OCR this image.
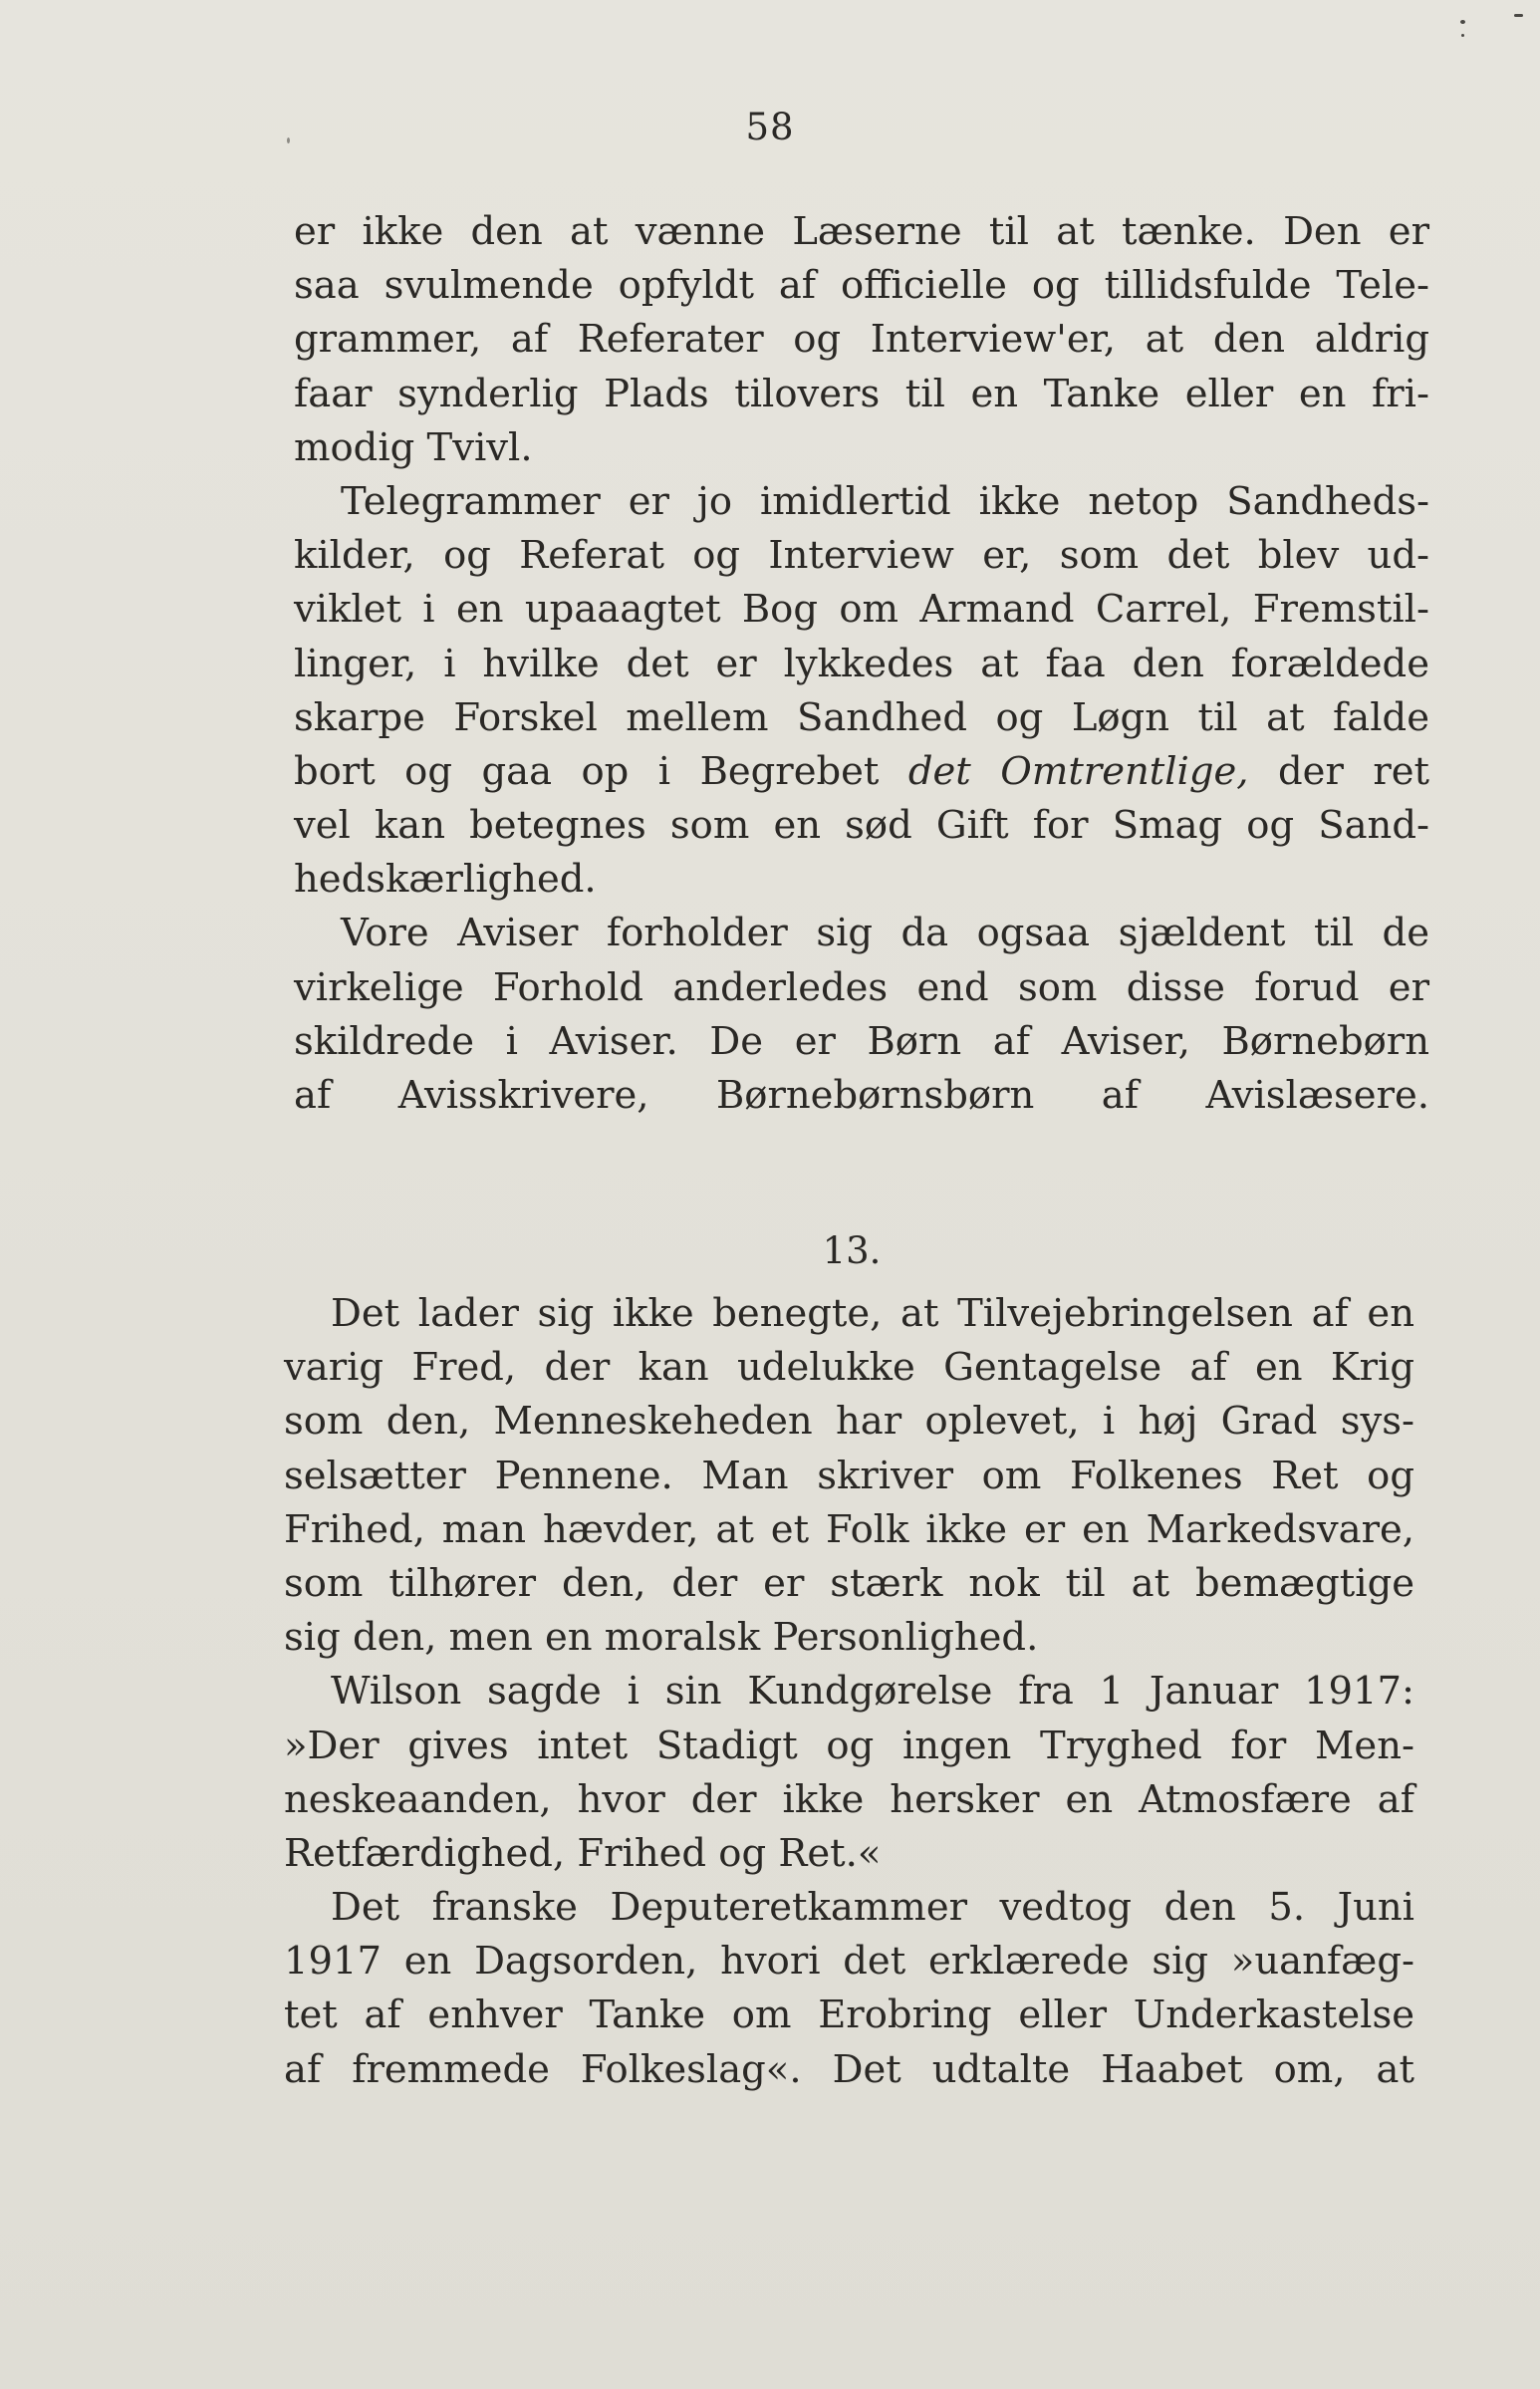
58
er ikke den at vænne Læserne til at tænke. Den er
saa svulmende opfyldt af officielle og tillidsfulde Tele-
grammer, af Referater og Interview'er, at den aldrig
faar synderlig Plads tilovers til en Tanke eller en fri-
modig Tvivl.
Telegrammer er jo imidlertid ikke netop Sandheds-
kilder, og Referat og Interview er, som det blev ud-
viklet i en upaaagtet Bog om Armand Carrel, Fremstil-
linger, i hvilke det er lykkedes at faa den forældede
skarpe Forskel mellem Sandhed og Løgn til at falde
bort og gaa op i Begrebet det Omtrentlige, der ret
vel kan betegnes som en sød Gift for Smag og Sand-
hedskærlighed.
Vore Aviser forholder sig da ogsaa sjældent til de
virkelige Forhold anderledes end som disse forud er
skildrede i Aviser. De er Børn af Aviser, Børnebørn
af Avisskrivere, Børnebørnsbørn af Avislæsere.
13.
Det lader sig ikke benegte, at Tilvejebringelsen af en
varig Fred, der kan udelukke Gentagelse af en Krig
som den, Menneskeheden har oplevet, i høj Grad sys-
selsætter Pennene. Man skriver om Folkenes Ret og
Frihed, man hævder, at et Folk ikke er en Markedsvare,
som tilhører den, der er stærk nok til at bemægtige
sig den, men en moralsk Personlighed.
Wilson sagde i sin Kundgørelse fra 1 Januar 1917:
»Der gives intet Stadigt og ingen Tryghed for Men-
neskeaanden, hvor der ikke hersker en Atmosfære af
Retfærdighed, Frihed og Ret.«
Det franske Deputeretkammer vedtog den 5. Juni
1917 en Dagsorden, hvori det erklærede sig »uanfæg-
tet af enhver Tanke om Erobring eller Underkastelse
af fremmede Folkeslag«. Det udtalte Haabet om, at
